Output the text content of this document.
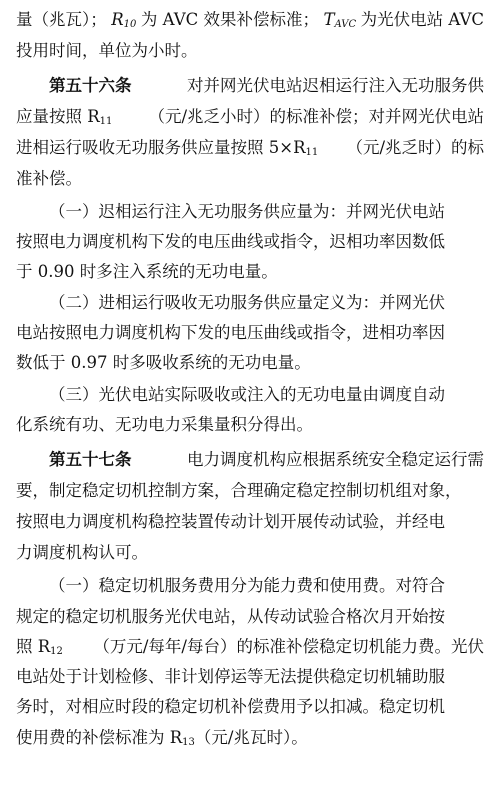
量（兆瓦）； $R_{10}$ 为 AVC 效果补偿标准； $T_{AVC}$ 为光伏电站 AVC
投用时间，单位为小时。
第五十六条	对并网光伏电站迟相运行注入无功服务供
应量按照 $R_{11}$ （元/兆乏小时）的标准补偿；对并网光伏电站
进相运行吸收无功服务供应量按照 $5\times R_{11}$ （元/兆乏时）的标
准补偿。
（一）迟相运行注入无功服务供应量为：并网光伏电站
按照电力调度机构下发的电压曲线或指令，迟相功率因数低
于 0.90 时多注入系统的无功电量。
（二）进相运行吸收无功服务供应量定义为：并网光伏
电站按照电力调度机构下发的电压曲线或指令，进相功率因
数低于 0.97 时多吸收系统的无功电量。
（三）光伏电站实际吸收或注入的无功电量由调度自动
化系统有功、无功电力采集量积分得出。
第五十七条	电力调度机构应根据系统安全稳定运行需
要，制定稳定切机控制方案，合理确定稳定控制切机组对象，
按照电力调度机构稳控装置传动计划开展传动试验，并经电
力调度机构认可。
（一）稳定切机服务费用分为能力费和使用费。对符合
规定的稳定切机服务光伏电站，从传动试验合格次月开始按
照 $R_{12}$ （万元/每年/每台）的标准补偿稳定切机能力费。光伏
电站处于计划检修、非计划停运等无法提供稳定切机辅助服
务时，对相应时段的稳定切机补偿费用予以扣减。稳定切机
使用费的补偿标准为 $R_{13}$ （元/兆瓦时）。
